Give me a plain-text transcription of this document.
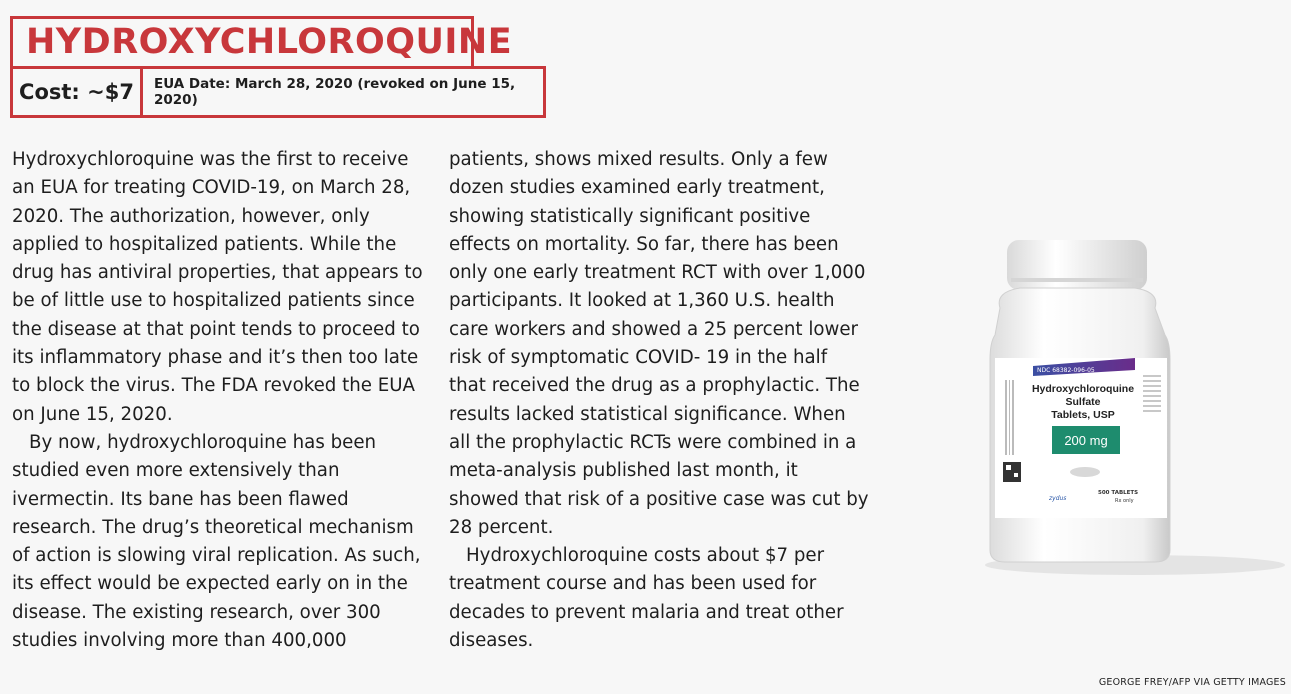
HYDROXYCHLOROQUINE
Cost: ~$7	EUA Date: March 28, 2020 (revoked on June 15, 2020)

Hydroxychloroquine was the first to receive an EUA for treating COVID-19, on March 28, 2020. The authorization, however, only applied to hospitalized patients. While the drug has antiviral properties, that appears to be of little use to hospitalized patients since the disease at that point tends to proceed to its inflammatory phase and it’s then too late to block the virus. The FDA revoked the EUA on June 15, 2020.

By now, hydroxychloroquine has been studied even more extensively than ivermectin. Its bane has been flawed research. The drug’s theoretical mechanism of action is slowing viral replication. As such, its effect would be expected early on in the disease. The existing research, over 300 studies involving more than 400,000

patients, shows mixed results. Only a few dozen studies examined early treatment, showing statistically significant positive effects on mortality. So far, there has been only one early treatment RCT with over 1,000 participants. It looked at 1,360 U.S. health care workers and showed a 25 percent lower risk of symptomatic COVID- 19 in the half that received the drug as a prophylactic. The results lacked statistical significance. When all the prophylactic RCTs were combined in a meta-analysis published last month, it showed that risk of a positive case was cut by 28 percent.

Hydroxychloroquine costs about $7 per treatment course and has been used for decades to prevent malaria and treat other diseases.

NDC 68382-096-05
Hydroxychloroquine
Sulfate
Tablets, USP
200 mg
500 TABLETS
Rx only
zydus
GEORGE FREY/AFP VIA GETTY IMAGES
